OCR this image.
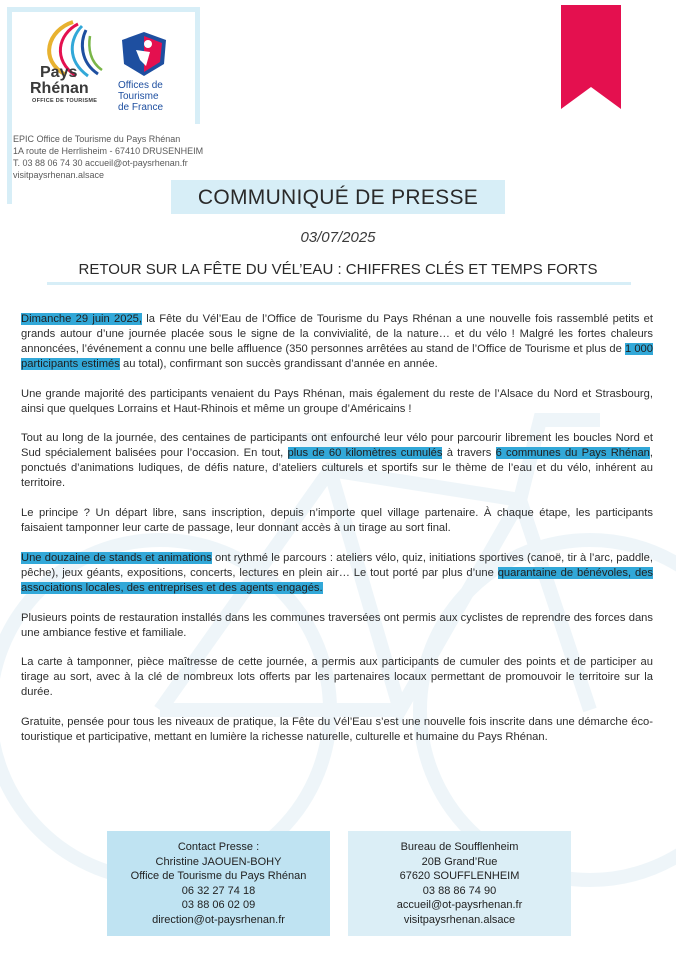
Pays
Rhénan
OFFICE DE TOURISME
Offices de
Tourisme
de France
EPIC Office de Tourisme du Pays Rhénan
1A route de Herrlisheim - 67410 DRUSENHEIM
T. 03 88 06 74 30 accueil@ot-paysrhenan.fr
visitpaysrhenan.alsace
COMMUNIQUÉ DE PRESSE
03/07/2025
RETOUR SUR LA FÊTE DU VÉL’EAU : CHIFFRES CLÉS ET TEMPS FORTS

Dimanche 29 juin 2025, la Fête du Vél’Eau de l’Office de Tourisme du Pays Rhénan a une nouvelle fois rassemblé petits et grands autour d’une journée placée sous le signe de la convivialité, de la nature… et du vélo ! Malgré les fortes chaleurs annoncées, l’événement a connu une belle affluence (350 personnes arrêtées au stand de l’Office de Tourisme et plus de 1 000 participants estimés au total), confirmant son succès grandissant d’année en année.

Une grande majorité des participants venaient du Pays Rhénan, mais également du reste de l’Alsace du Nord et Strasbourg, ainsi que quelques Lorrains et Haut-Rhinois et même un groupe d’Américains !

Tout au long de la journée, des centaines de participants ont enfourché leur vélo pour parcourir librement les boucles Nord et Sud spécialement balisées pour l’occasion. En tout, plus de 60 kilomètres cumulés à travers 6 communes du Pays Rhénan, ponctués d’animations ludiques, de défis nature, d’ateliers culturels et sportifs sur le thème de l’eau et du vélo, inhérent au territoire.

Le principe ? Un départ libre, sans inscription, depuis n’importe quel village partenaire. À chaque étape, les participants faisaient tamponner leur carte de passage, leur donnant accès à un tirage au sort final.

Une douzaine de stands et animations ont rythmé le parcours : ateliers vélo, quiz, initiations sportives (canoë, tir à l’arc, paddle, pêche), jeux géants, expositions, concerts, lectures en plein air… Le tout porté par plus d’une quarantaine de bénévoles, des associations locales, des entreprises et des agents engagés.

Plusieurs points de restauration installés dans les communes traversées ont permis aux cyclistes de reprendre des forces dans une ambiance festive et familiale.

La carte à tamponner, pièce maîtresse de cette journée, a permis aux participants de cumuler des points et de participer au tirage au sort, avec à la clé de nombreux lots offerts par les partenaires locaux permettant de promouvoir le territoire sur la durée.

Gratuite, pensée pour tous les niveaux de pratique, la Fête du Vél’Eau s’est une nouvelle fois inscrite dans une démarche éco-touristique et participative, mettant en lumière la richesse naturelle, culturelle et humaine du Pays Rhénan.

Contact Presse :
Christine JAOUEN-BOHY
Office de Tourisme du Pays Rhénan
06 32 27 74 18
03 88 06 02 09
direction@ot-paysrhenan.fr
Bureau de Soufflenheim
20B Grand’Rue
67620 SOUFFLENHEIM
03 88 86 74 90
accueil@ot-paysrhenan.fr
visitpaysrhenan.alsace
